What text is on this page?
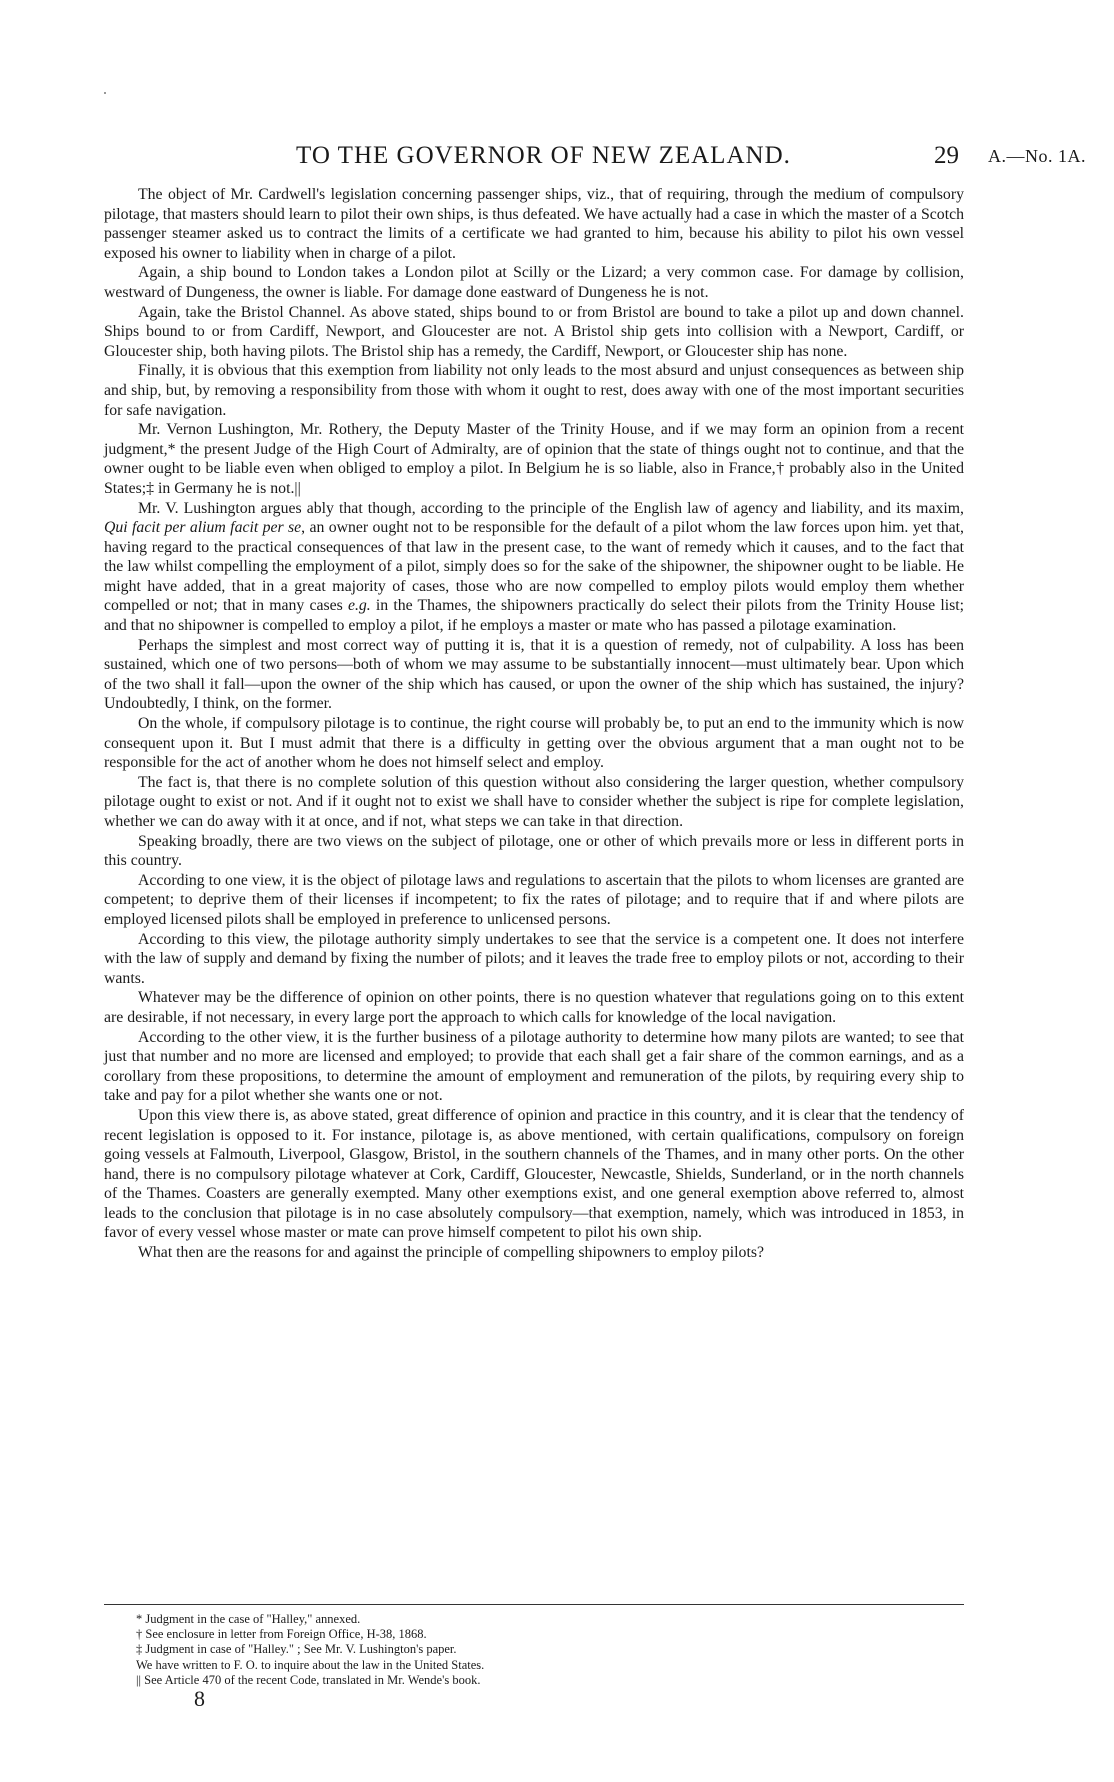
TO THE GOVERNOR OF NEW ZEALAND.	29 A.—No. 1A.

The object of Mr. Cardwell's legislation concerning passenger ships, viz., that of requiring, through the medium of compulsory pilotage, that masters should learn to pilot their own ships, is thus defeated. We have actually had a case in which the master of a Scotch passenger steamer asked us to contract the limits of a certificate we had granted to him, because his ability to pilot his own vessel exposed his owner to liability when in charge of a pilot.

Again, a ship bound to London takes a London pilot at Scilly or the Lizard; a very common case. For damage by collision, westward of Dungeness, the owner is liable. For damage done eastward of Dungeness he is not.

Again, take the Bristol Channel. As above stated, ships bound to or from Bristol are bound to take a pilot up and down channel. Ships bound to or from Cardiff, Newport, and Gloucester are not. A Bristol ship gets into collision with a Newport, Cardiff, or Gloucester ship, both having pilots. The Bristol ship has a remedy, the Cardiff, Newport, or Gloucester ship has none.

Finally, it is obvious that this exemption from liability not only leads to the most absurd and unjust consequences as between ship and ship, but, by removing a responsibility from those with whom it ought to rest, does away with one of the most important securities for safe navigation.

Mr. Vernon Lushington, Mr. Rothery, the Deputy Master of the Trinity House, and if we may form an opinion from a recent judgment,* the present Judge of the High Court of Admiralty, are of opinion that the state of things ought not to continue, and that the owner ought to be liable even when obliged to employ a pilot. In Belgium he is so liable, also in France,† probably also in the United States;‡ in Germany he is not.||

Mr. V. Lushington argues ably that though, according to the principle of the English law of agency and liability, and its maxim, Qui facit per alium facit per se, an owner ought not to be responsible for the default of a pilot whom the law forces upon him. yet that, having regard to the practical consequences of that law in the present case, to the want of remedy which it causes, and to the fact that the law whilst compelling the employment of a pilot, simply does so for the sake of the shipowner, the shipowner ought to be liable. He might have added, that in a great majority of cases, those who are now compelled to employ pilots would employ them whether compelled or not; that in many cases e.g. in the Thames, the shipowners practically do select their pilots from the Trinity House list; and that no shipowner is compelled to employ a pilot, if he employs a master or mate who has passed a pilotage examination.

Perhaps the simplest and most correct way of putting it is, that it is a question of remedy, not of culpability. A loss has been sustained, which one of two persons—both of whom we may assume to be substantially innocent—must ultimately bear. Upon which of the two shall it fall—upon the owner of the ship which has caused, or upon the owner of the ship which has sustained, the injury? Undoubtedly, I think, on the former.

On the whole, if compulsory pilotage is to continue, the right course will probably be, to put an end to the immunity which is now consequent upon it. But I must admit that there is a difficulty in getting over the obvious argument that a man ought not to be responsible for the act of another whom he does not himself select and employ.

The fact is, that there is no complete solution of this question without also considering the larger question, whether compulsory pilotage ought to exist or not. And if it ought not to exist we shall have to consider whether the subject is ripe for complete legislation, whether we can do away with it at once, and if not, what steps we can take in that direction.

Speaking broadly, there are two views on the subject of pilotage, one or other of which prevails more or less in different ports in this country.

According to one view, it is the object of pilotage laws and regulations to ascertain that the pilots to whom licenses are granted are competent; to deprive them of their licenses if incompetent; to fix the rates of pilotage; and to require that if and where pilots are employed licensed pilots shall be employed in preference to unlicensed persons.

According to this view, the pilotage authority simply undertakes to see that the service is a competent one. It does not interfere with the law of supply and demand by fixing the number of pilots; and it leaves the trade free to employ pilots or not, according to their wants.

Whatever may be the difference of opinion on other points, there is no question whatever that regulations going on to this extent are desirable, if not necessary, in every large port the approach to which calls for knowledge of the local navigation.

According to the other view, it is the further business of a pilotage authority to determine how many pilots are wanted; to see that just that number and no more are licensed and employed; to provide that each shall get a fair share of the common earnings, and as a corollary from these propositions, to determine the amount of employment and remuneration of the pilots, by requiring every ship to take and pay for a pilot whether she wants one or not.

Upon this view there is, as above stated, great difference of opinion and practice in this country, and it is clear that the tendency of recent legislation is opposed to it. For instance, pilotage is, as above mentioned, with certain qualifications, compulsory on foreign going vessels at Falmouth, Liverpool, Glasgow, Bristol, in the southern channels of the Thames, and in many other ports. On the other hand, there is no compulsory pilotage whatever at Cork, Cardiff, Gloucester, Newcastle, Shields, Sunderland, or in the north channels of the Thames. Coasters are generally exempted. Many other exemptions exist, and one general exemption above referred to, almost leads to the conclusion that pilotage is in no case absolutely compulsory—that exemption, namely, which was introduced in 1853, in favor of every vessel whose master or mate can prove himself competent to pilot his own ship.

What then are the reasons for and against the principle of compelling shipowners to employ pilots?

* Judgment in the case of "Halley," annexed.
† See enclosure in letter from Foreign Office, H-38, 1868.
‡ Judgment in case of "Halley." ; See Mr. V. Lushington's paper.
We have written to F. O. to inquire about the law in the United States.
|| See Article 470 of the recent Code, translated in Mr. Wende's book.
8
